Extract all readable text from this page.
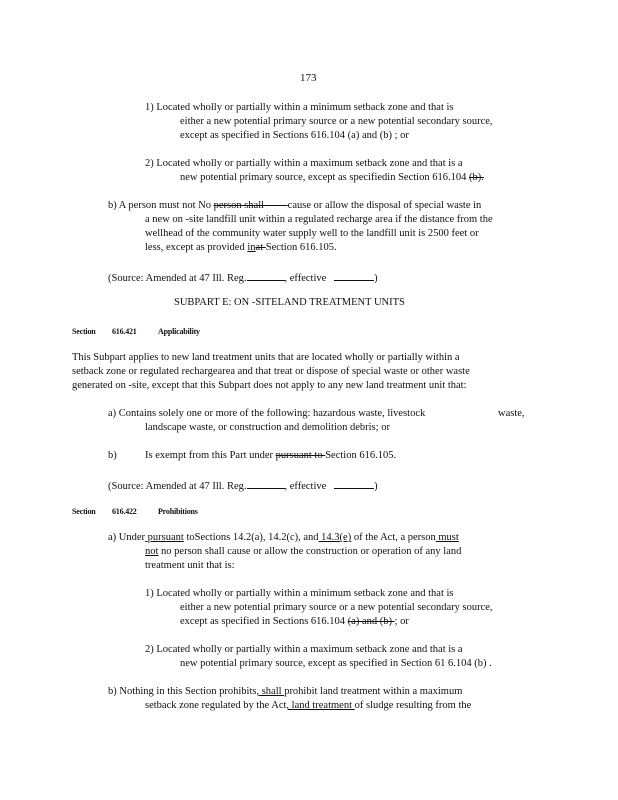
173
1) Located wholly or partially within a minimum setback zone and that is
either a new potential primary source or a new potential secondary source,
except as specified in Sections 616.104 (a) and (b) ; or
2) Located wholly or partially within a maximum setback zone and that is a
new potential primary source, except as specifiedin Section 616.104 (b).
b) A person must not No person shall cause or allow the disposal of special waste in
a new on -site landfill unit within a regulated recharge area if the distance from the
wellhead of the community water supply well to the landfill unit is 2500 feet or
less, except as provided inat Section 616.105.
(Source: Amended at 47 Ill. Reg.	, effective	)
SUBPART E: ON -SITELAND TREATMENT UNITS
Section 616.421	Applicability
This Subpart applies to new land treatment units that are located wholly or partially within a
setback zone or regulated rechargearea and that treat or dispose of special waste or other waste
generated on -site, except that this Subpart does not apply to any new land treatment unit that:
a) Contains solely one or more of the following: hazardous waste, livestock	waste,
landscape waste, or construction and demolition debris; or
b)	Is exempt from this Part under pursuant to Section 616.105.
(Source: Amended at 47 Ill. Reg.	, effective	)
Section 616.422	Prohibitions
a) Under pursuant toSections 14.2(a), 14.2(c), and 14.3(e) of the Act, a person must
not no person shall cause or allow the construction or operation of any land
treatment unit that is:
1) Located wholly or partially within a minimum setback zone and that is
either a new potential primary source or a new potential secondary source,
except as specified in Sections 616.104 (a) and (b) ; or
2) Located wholly or partially within a maximum setback zone and that is a
new potential primary source, except as specified in Section 61 6.104 (b) .
b) Nothing in this Section prohibits, shall prohibit land treatment within a maximum
setback zone regulated by the Act, land treatment of sludge resulting from the
